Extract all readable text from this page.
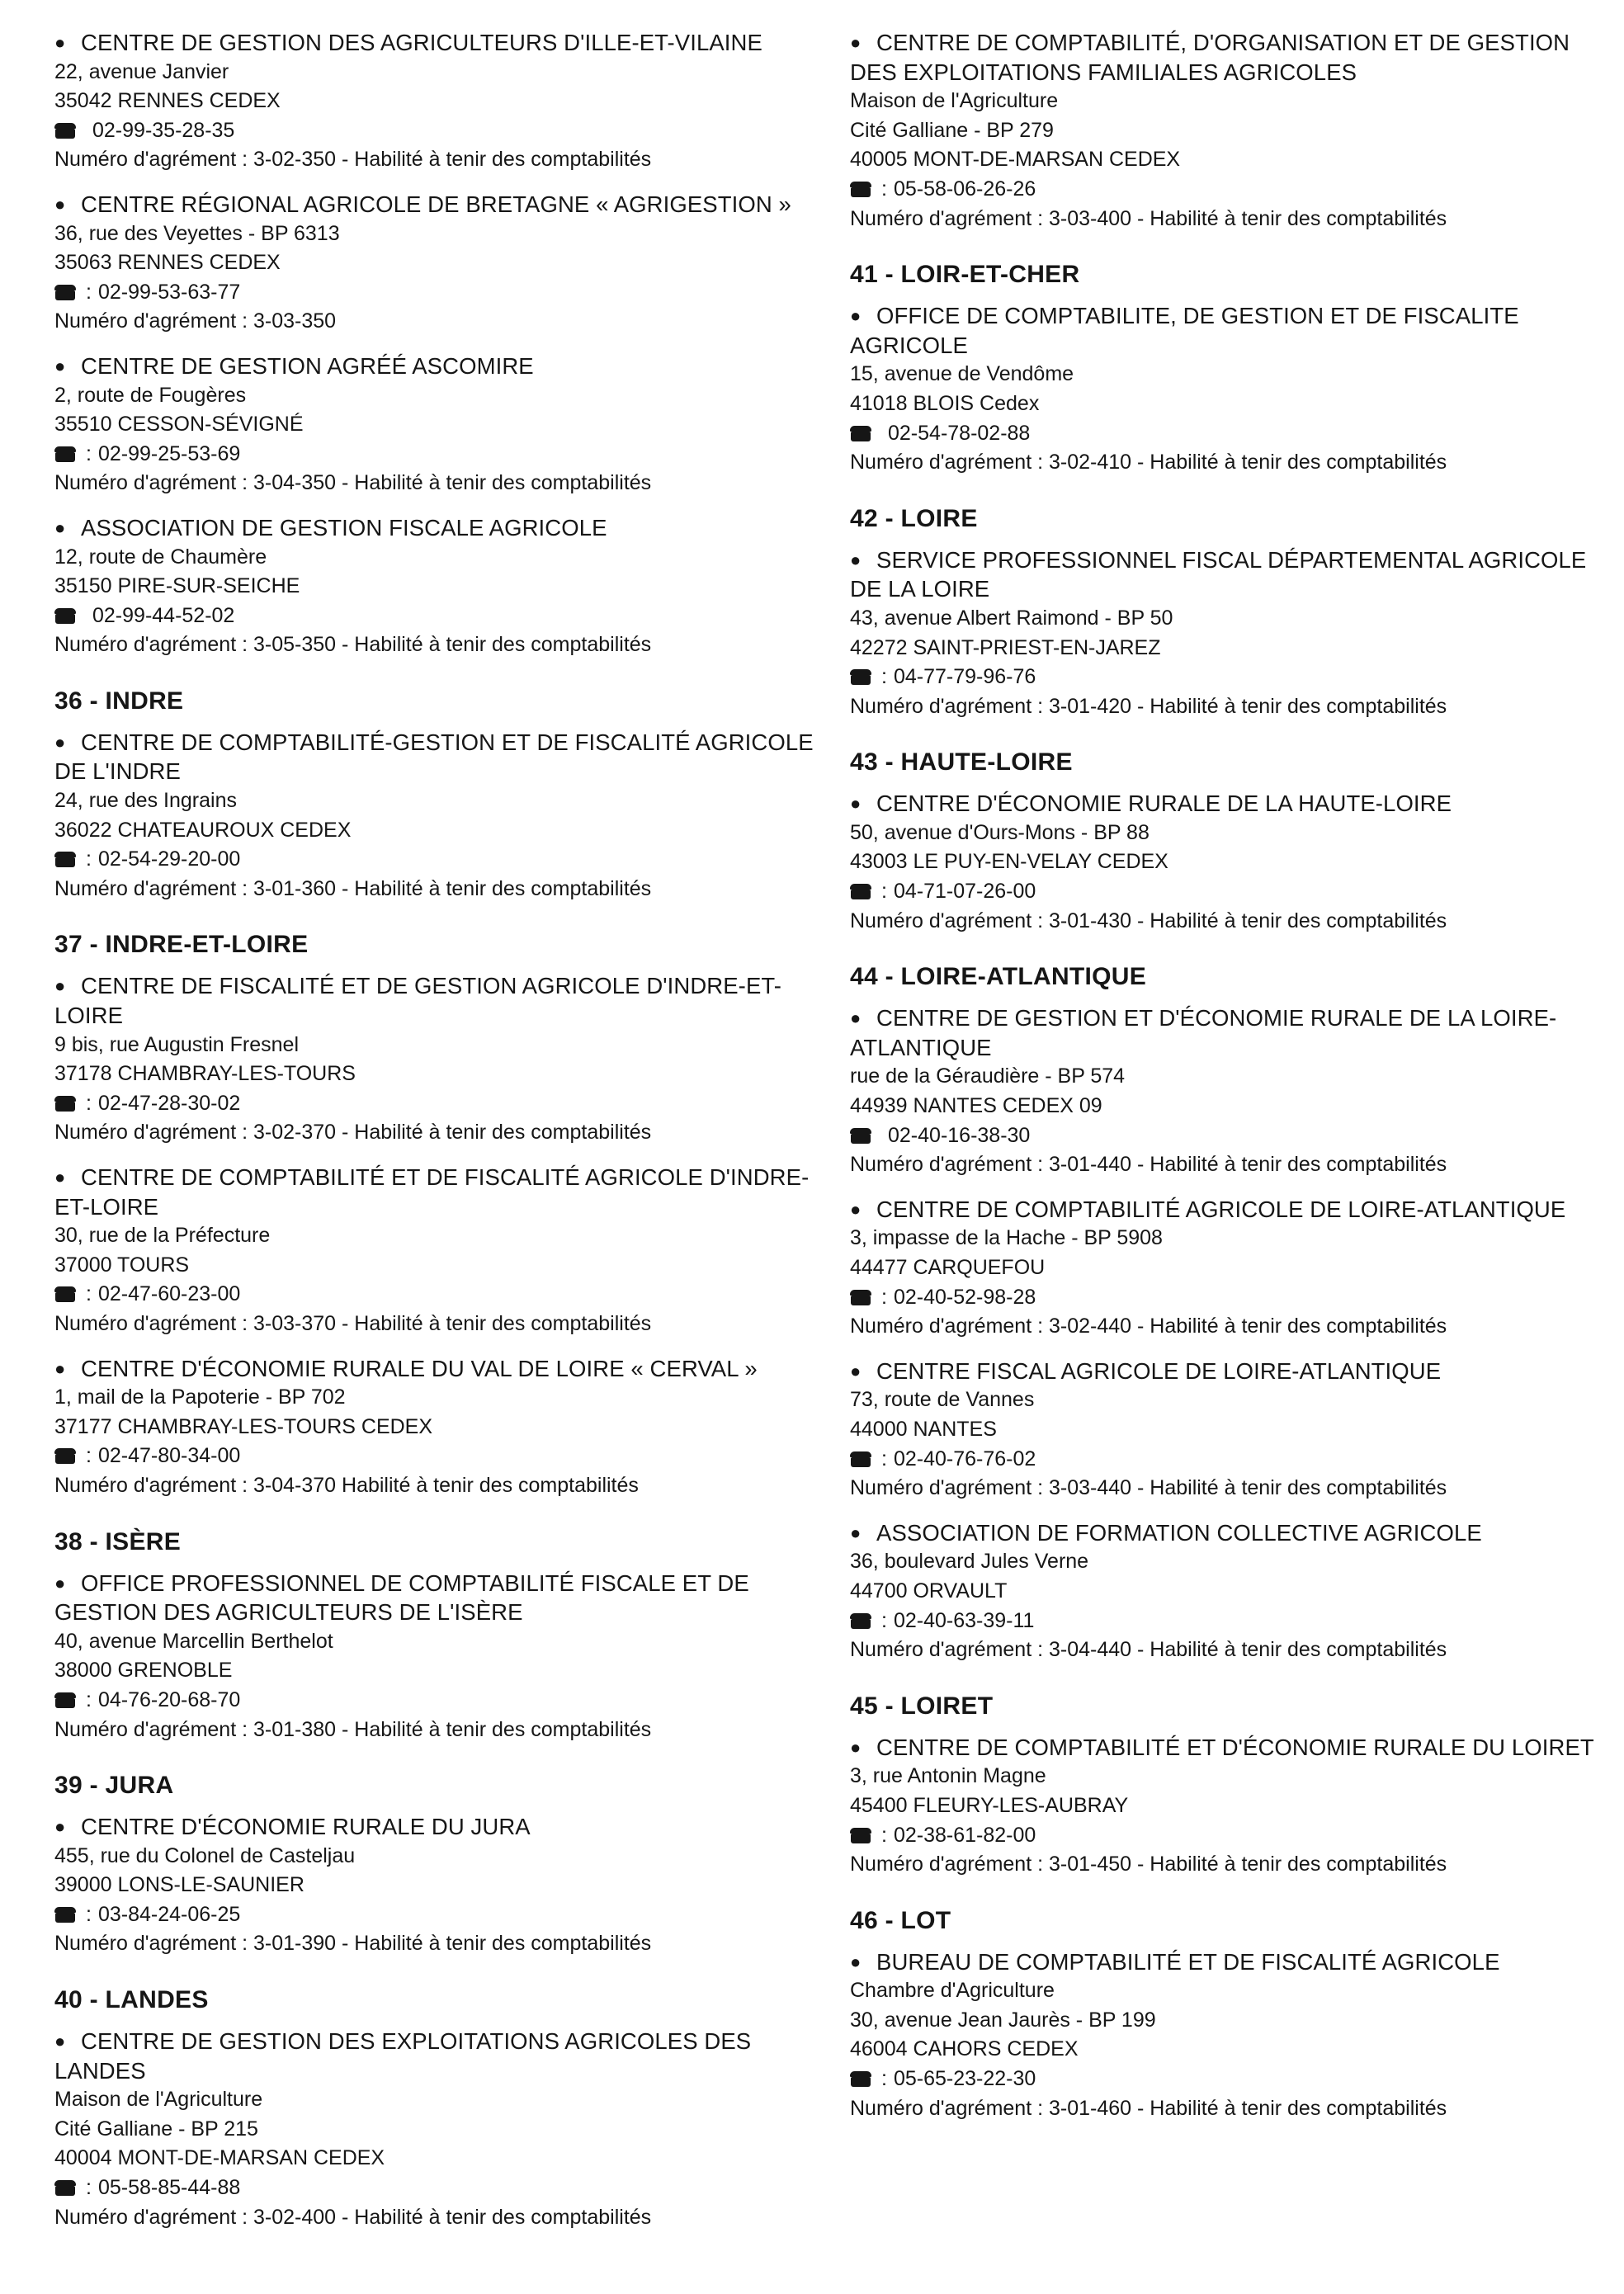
● CENTRE DE GESTION DES AGRICULTEURS D'ILLE-ET-VILAINE
22, avenue Janvier
35042 RENNES CEDEX
02-99-35-28-35
Numéro d'agrément : 3-02-350 - Habilité à tenir des comptabilités
● CENTRE RÉGIONAL AGRICOLE DE BRETAGNE « AGRIGESTION »
36, rue des Veyettes - BP 6313
35063 RENNES CEDEX
: 02-99-53-63-77
Numéro d'agrément : 3-03-350
● CENTRE DE GESTION AGRÉÉ ASCOMIRE
2, route de Fougères
35510 CESSON-SÉVIGNÉ
: 02-99-25-53-69
Numéro d'agrément : 3-04-350 - Habilité à tenir des comptabilités
● ASSOCIATION DE GESTION FISCALE AGRICOLE
12, route de Chaumère
35150 PIRE-SUR-SEICHE
02-99-44-52-02
Numéro d'agrément : 3-05-350 - Habilité à tenir des comptabilités
36 - INDRE
● CENTRE DE COMPTABILITÉ-GESTION ET DE FISCALITÉ AGRICOLE DE L'INDRE
24, rue des Ingrains
36022 CHATEAUROUX CEDEX
: 02-54-29-20-00
Numéro d'agrément : 3-01-360 - Habilité à tenir des comptabilités
37 - INDRE-ET-LOIRE
● CENTRE DE FISCALITÉ ET DE GESTION AGRICOLE D'INDRE-ET-LOIRE
9 bis, rue Augustin Fresnel
37178 CHAMBRAY-LES-TOURS
: 02-47-28-30-02
Numéro d'agrément : 3-02-370 - Habilité à tenir des comptabilités
● CENTRE DE COMPTABILITÉ ET DE FISCALITÉ AGRICOLE D'INDRE-ET-LOIRE
30, rue de la Préfecture
37000 TOURS
: 02-47-60-23-00
Numéro d'agrément : 3-03-370 - Habilité à tenir des comptabilités
● CENTRE D'ÉCONOMIE RURALE DU VAL DE LOIRE « CERVAL »
1, mail de la Papoterie - BP 702
37177 CHAMBRAY-LES-TOURS CEDEX
: 02-47-80-34-00
Numéro d'agrément : 3-04-370 Habilité à tenir des comptabilités
38 - ISÈRE
● OFFICE PROFESSIONNEL DE COMPTABILITÉ FISCALE ET DE GESTION DES AGRICULTEURS DE L'ISÈRE
40, avenue Marcellin Berthelot
38000 GRENOBLE
: 04-76-20-68-70
Numéro d'agrément : 3-01-380 - Habilité à tenir des comptabilités
39 - JURA
● CENTRE D'ÉCONOMIE RURALE DU JURA
455, rue du Colonel de Casteljau
39000 LONS-LE-SAUNIER
: 03-84-24-06-25
Numéro d'agrément : 3-01-390 - Habilité à tenir des comptabilités
40 - LANDES
● CENTRE DE GESTION DES EXPLOITATIONS AGRICOLES DES LANDES
Maison de l'Agriculture
Cité Galliane - BP 215
40004 MONT-DE-MARSAN CEDEX
: 05-58-85-44-88
Numéro d'agrément : 3-02-400 - Habilité à tenir des comptabilités
● CENTRE DE COMPTABILITÉ, D'ORGANISATION ET DE GESTION DES EXPLOITATIONS FAMILIALES AGRICOLES
Maison de l'Agriculture
Cité Galliane - BP 279
40005 MONT-DE-MARSAN CEDEX
: 05-58-06-26-26
Numéro d'agrément : 3-03-400 - Habilité à tenir des comptabilités
41 - LOIR-ET-CHER
● OFFICE DE COMPTABILITE, DE GESTION ET DE FISCALITE AGRICOLE
15, avenue de Vendôme
41018 BLOIS Cedex
02-54-78-02-88
Numéro d'agrément : 3-02-410 - Habilité à tenir des comptabilités
42 - LOIRE
● SERVICE PROFESSIONNEL FISCAL DÉPARTEMENTAL AGRICOLE DE LA LOIRE
43, avenue Albert Raimond - BP 50
42272 SAINT-PRIEST-EN-JAREZ
: 04-77-79-96-76
Numéro d'agrément : 3-01-420 - Habilité à tenir des comptabilités
43 - HAUTE-LOIRE
● CENTRE D'ÉCONOMIE RURALE DE LA HAUTE-LOIRE
50, avenue d'Ours-Mons - BP 88
43003 LE PUY-EN-VELAY CEDEX
: 04-71-07-26-00
Numéro d'agrément : 3-01-430 - Habilité à tenir des comptabilités
44 - LOIRE-ATLANTIQUE
● CENTRE DE GESTION ET D'ÉCONOMIE RURALE DE LA LOIRE-ATLANTIQUE
rue de la Géraudière - BP 574
44939 NANTES CEDEX 09
02-40-16-38-30
Numéro d'agrément : 3-01-440 - Habilité à tenir des comptabilités
● CENTRE DE COMPTABILITÉ AGRICOLE DE LOIRE-ATLANTIQUE
3, impasse de la Hache - BP 5908
44477 CARQUEFOU
: 02-40-52-98-28
Numéro d'agrément : 3-02-440 - Habilité à tenir des comptabilités
● CENTRE FISCAL AGRICOLE DE LOIRE-ATLANTIQUE
73, route de Vannes
44000 NANTES
: 02-40-76-76-02
Numéro d'agrément : 3-03-440 - Habilité à tenir des comptabilités
● ASSOCIATION DE FORMATION COLLECTIVE AGRICOLE
36, boulevard Jules Verne
44700 ORVAULT
: 02-40-63-39-11
Numéro d'agrément : 3-04-440 - Habilité à tenir des comptabilités
45 - LOIRET
● CENTRE DE COMPTABILITÉ ET D'ÉCONOMIE RURALE DU LOIRET
3, rue Antonin Magne
45400 FLEURY-LES-AUBRAY
: 02-38-61-82-00
Numéro d'agrément : 3-01-450 - Habilité à tenir des comptabilités
46 - LOT
● BUREAU DE COMPTABILITÉ ET DE FISCALITÉ AGRICOLE
Chambre d'Agriculture
30, avenue Jean Jaurès - BP 199
46004 CAHORS CEDEX
: 05-65-23-22-30
Numéro d'agrément : 3-01-460 - Habilité à tenir des comptabilités
